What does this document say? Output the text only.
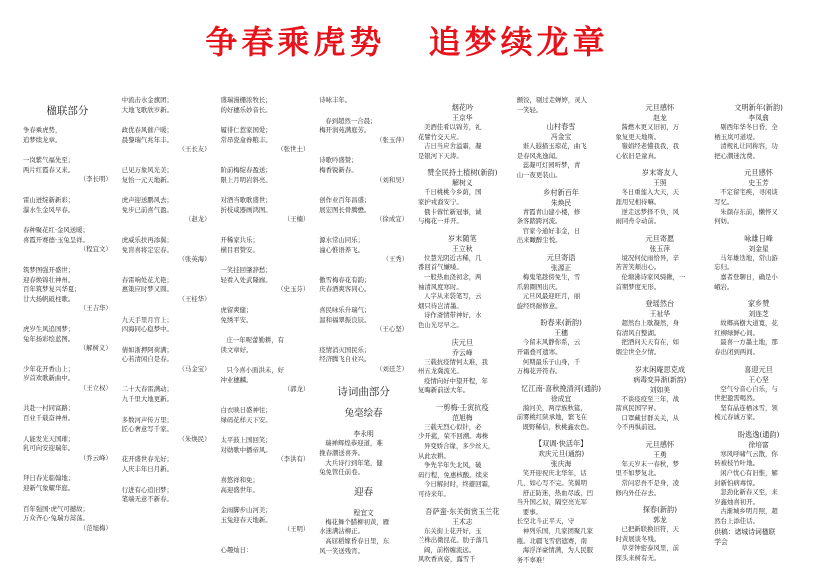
争春乘虎势 追梦续龙章
楹联部分
争春乘虎势，
追梦续龙章。
一岚紫气福先至；
两片红霞春又来。
（李长明）
雷山迸绽新新彩；
瀑水生金风早春。
春种聚花红·金风送暖；
喜霞开赛德·玉兔呈祥。
（程宜文）
筑梦图强开盛世；
迎春焕锦壮神州。
百年筑梦复兴华夏；
廿大扬帆砥柱歌。
（王吉华）
虎岁生风追国梦；
兔年扬彩绘蓝图。
（解树义）
少年花开香山上；
岁首欢歌新曲中。
（王立权）
共赴一村同富路；
百业千载奋神州。
人能发光天国璀；
乳可向安迎瑞年。
（乔云峰）
拜日春光临翰地；
迎新气象耀华庭。
百年强国·虎气可撼故；
万众齐心·兔瑞方蒿荡。
（范旭梅）
中流击水金旗团；
大地飞歌欣岁新。
政优春风催户暖；
晨黎瑞气兆年丰。
（王长友）
已见万象风光美；
复怡一元天地新。
虎声迎送鹏风去；
免步已前喜气盈。
（赵龙）
虎威乐扶再添翼；
免盲喜将定宏春。
（张英海）
春雷响处花尤艳；
惠策应时梦又圆。
（王桂华）
九天手里月宫上；
四海同心稳梦中。
倩如浙押阿荷满；
心若清闲自是春。
（马金宝）
二十大春雷满动；
九千里大地更新。
多数河声传万里；
匠心奢意写千家。
（朱焕民）
花开盛世春光好；
人庆丰年日月新。
行进有心追旧梦；
笔端无意不新春。
盛瑞漫栅浓牧长；
的好穗乐妙音长。
履徘仁惹家国爱；
常昂瓷盒眷粮丰。
（张世土）
阶前梅绽春盈送；
限上月明岩斜亮。
对酒当歌歌盛世；
折枝咸器画鸿图。
（王楠）
开稀家共乐；
横目君赞安。
一笑挂回肇辞愁；
轻看入处武隆廊。
（史玉芬）
虎留爽健；
免绣平安。
庄一年呢蕾勤耕，有
读文章好。
只今喜小面洪未，好
冲业穗麟。
（郭龙）
白衣映日盛神往；
绿码花样天下安。
太平鼓上国回笑；
对勋歌中播帝风。
（李洪有）
喜悠祥和免；
高迎盛世年。
金雨脚步山河美；
玉兔迎春天地新。
（王明）
心趣灿日：
诗咏丰年。
春到超然一合晨；
梅开润苑满庭芳。
（张玉萍）
诗歌吟盛赞；
梅香锐新春。
（刘和吴）
创作业百年昌盛；
展宏图长骨腾懋。
（徐成宜）
源水常山同乐；
潼心惟语养飞。
（王秀）
傲雪梅春花有韵；
庆春酒爽客同心。
喜民咏乐升瑞气；
温和福翠振良辰。
（王心坚）
疫情消灭国民乐；
经济腾飞自业兴。
（刘廷芝）
诗词曲部分
兔毫绘春
李永明
瑞禅辉煌恭迎道，难
挽春潮送喜奔。
大兵诗行到年笔，健
兔免管任前卷。
迎春
程宜文
梅花舞个腊柳初黄，雁
水迷满沾柳正。
高屈稻嫁昏春日里，东
风一笑送残宵。
烟花吟
王京华
美酒佳肴以锦芳，礼
花譬竹交天应。
吉日当应舍溢霜，凝
是银河下天涛。
赞全民持土植树(新韵)
解树义
千日桃桃今乡荫，国
家护戎裔安宁。
俄卡蓉忙新冠事，诚
与梅花一并开。
岁末随笔
王立秋
位慧光阴近古稀，几
番回首气嫌嗓。
一般热血浇初念，两
袖清风度寒时。
人字从来袋笔写，云
烟只待岂清墨。
诗作斋情带神好，水
色山光尽早之。
庆元旦
乔云峰
三载抗疫情何太难，我
州五龙冀流光。
疫情向好中望开程，年
复晦新前送大年。
一剪梅·壬寅抗疫
范旭梅
三载无烈心似针，必
少开菰，荣不回溯。毒株
异变娇合缘，多少丝天，
从此农耕。
争先半年失北风，破
码行程，免惠核酸。续来
今日解封时，终避回霜，
可待来年。
吾萨蛮·东关街赏玉兰花
王术志
东关街上花开好，玉
兰株出微昆花。肋子落几
阔，前格缠流远。
风吹香真姿，露雪千
颤饺，剔过走蝉婷，灵人
一笑轻。
山村春雪
冯金宝
谁人遐描玉琼花，曲飞
是春风兆逸闻。
蕊凝可灯园听梦，青
山一夜更装山。
乡村新百年
朱焕民
青霞青山建小楼，修
条客踏跨河流。
官家今通好非金，日
出来瞰醉尘悦。
元旦寄语
张源正
梅鬼笔趁傍免生，雪
爪碧圈图出庆。
元旦风最迎旺月，丽
旋经终耐修意。
盼春来(新韵)
王穗
今留末风静你系，云
开霜叠可遗寒。
何期最乐子山身，千
万梅花开符春。
忆江南·喜秋挽清河(通韵)
徐成宜
漪河美，两岸族秋筵，
前雾桃红陕承地，繁飞在
既野稀信，秋桃鑫农色。
【双调·快活年】
欢庆元旦(通韵)
张庆海
笑开迎祝庆北华年，话
几，如心写不完。笑翼明
舒正防迷，热血尽戚，凹
当升国乙奴，隔空亮光军
要事。
长空北斗正平天，守
神列乐国，几家团聚几家
瓶。北疆飞雪宿遮赛，南
海浮洋豪情满，为人民服
务不辜难！
元旦感怀
赵龙
酱燃木更又旧初，万
象复更天地斯。
嶺娟经老懂我我，我
心依旧是童真。
岁末寄友人
王照
冬日重莲入大天，天
涯用兄相待嘛。
逆走远梦择不负，风
雨同舟令动前。
元旦寄愿
张玉萍
境况何仗雨恰异，辛
苦苦笑颊出心。
伦塘沸诗家风骑揪，一
首期梦度无形。
登瑶然台
王祉华
超然台上歇凝然，身
有清风自整湖。
把酒问天天有在，如
烟尘世全夕情。
岁末闲庵思克成
病毒变异渐(新韵)
刘如美
不谈疫疫至三年，战
箭真民国罕昇。
口罩藏甘群关关，从
今不再惧前冠。
元旦感怀
王勇
年天岁末一春秋，梦
里不如梦复北。
常问忍吾不是身，凌
修内外任存去。
探春(新韵)
郭龙
已把新联换旧符，天
时黄展谈冬残。
草芽钟密泰风里，前
探头来树有无。
文明新年(新韵)
李凤翕
剔西年华冬日昏，全
栖玉岚可道堤。
清规礼让同称容，功
把心潮迷沈费。
元旦感怀
史玉芳
不定留宅痪，寻闲谈
写忆。
朱颜存东前，懒悴又
何妨。
咏雄日峰
刘金星
马年雄迭地，常山游
忘归。
嘉者登聊日，确是小
峨岩。
家乡赞
刘连芝
故鄉高樹大道寬，花
红柳绿鲜心间。
最喜一方墨土地，那
春出闭到两间。
喜迎元旦
王心坚
空气兮音心自乐，与
世把盈需喝然。
坚有晶连栖冰雪，领
梳元春诚万家。
盼逃逸(通韵)
徐培富
寒风呼啸气云散，你
转被枝竹叶地。
闲户忧心有旧惟，解
封新怕病毒惊。
忽劲化新春又至，来
岁鑫烛喜初开。
古渐城乡明月照，超
然台上添佳话。
供稿：诸城诗词楹联
学会
